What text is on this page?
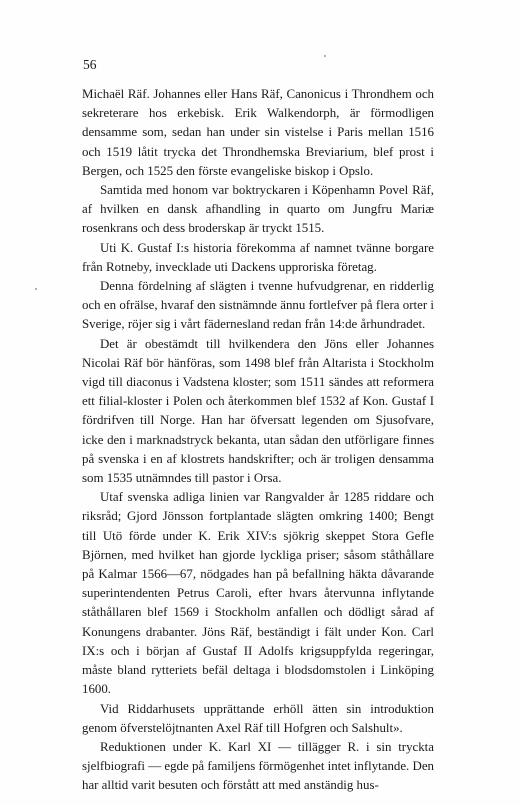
56

Michaël Räf. Johannes eller Hans Räf, Canonicus i Throndhem och sekreterare hos erkebisk. Erik Walkendorph, är förmodligen densamme som, sedan han under sin vistelse i Paris mellan 1516 och 1519 låtit trycka det Throndhemska Breviarium, blef prost i Bergen, och 1525 den förste evangeliske biskop i Opslo.

Samtida med honom var boktryckaren i Köpenhamn Povel Räf, af hvilken en dansk afhandling in quarto om Jungfru Mariæ rosenkrans och dess broderskap är tryckt 1515.

Uti K. Gustaf I:s historia förekomma af namnet tvänne borgare från Rotneby, invecklade uti Dackens upproriska företag.

Denna fördelning af slägten i tvenne hufvudgrenar, en ridderlig och en ofrälse, hvaraf den sistnämnde ännu fortlefver på flera orter i Sverige, röjer sig i vårt fädernesland redan från 14:de århundradet.

Det är obestämdt till hvilkendera den Jöns eller Johannes Nicolai Räf bör hänföras, som 1498 blef från Altarista i Stockholm vigd till diaconus i Vadstena kloster; som 1511 sändes att reformera ett filial-kloster i Polen och återkommen blef 1532 af Kon. Gustaf I fördrifven till Norge. Han har öfversatt legenden om Sjusofvare, icke den i marknadstryck bekanta, utan sådan den utförligare finnes på svenska i en af klostrets handskrifter; och är troligen densamma som 1535 utnämndes till pastor i Orsa.

Utaf svenska adliga linien var Rangvalder år 1285 riddare och riksråd; Gjord Jönsson fortplantade slägten omkring 1400; Bengt till Utö förde under K. Erik XIV:s sjökrig skeppet Stora Gefle Björnen, med hvilket han gjorde lyckliga priser; såsom ståthållare på Kalmar 1566—67, nödgades han på befallning häkta dåvarande superintendenten Petrus Caroli, efter hvars återvunna inflytande ståthållaren blef 1569 i Stockholm anfallen och dödligt sårad af Konungens drabanter. Jöns Räf, beständigt i fält under Kon. Carl IX:s och i början af Gustaf II Adolfs krigsuppfylda regeringar, måste bland rytteriets befäl deltaga i blodsdomstolen i Linköping 1600.

Vid Riddarhusets upprättande erhöll ätten sin introduktion genom öfverstelöjtnanten Axel Räf till Hofgren och Salshult».

Reduktionen under K. Karl XI — tillägger R. i sin tryckta sjelfbiografi — egde på familjens förmögenhet intet inflytande. Den har alltid varit besuten och förstått att med anständig hus-
